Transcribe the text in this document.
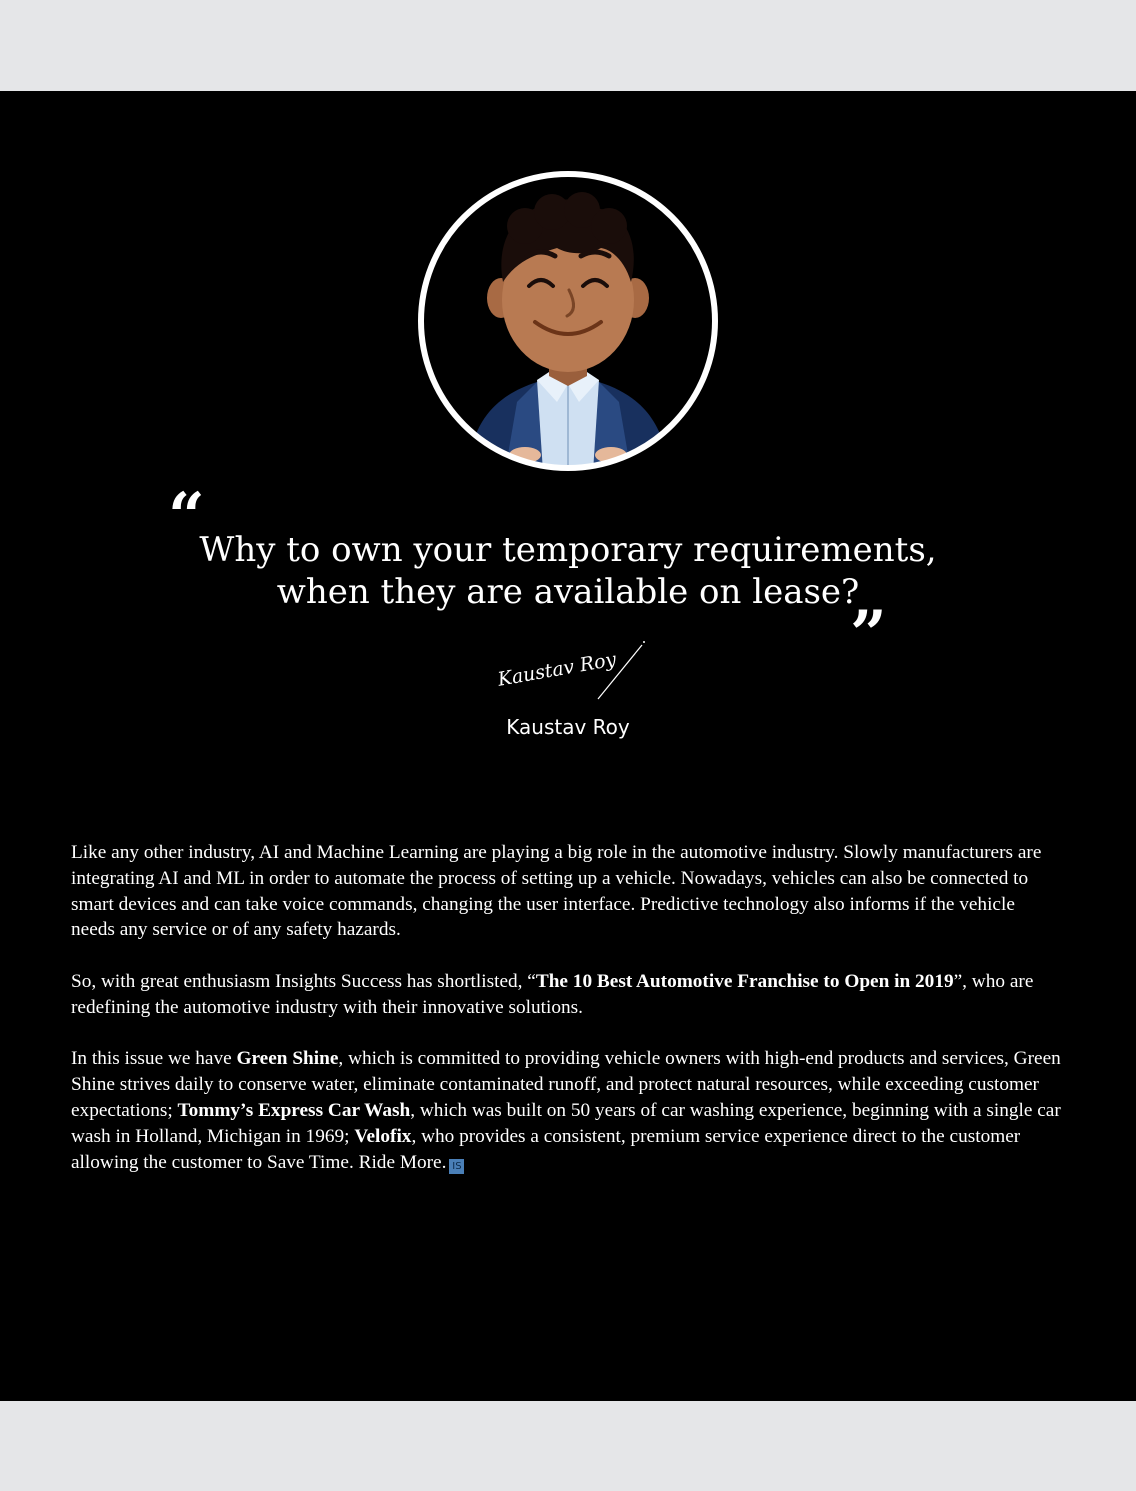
“
Why to own your temporary requirements,
when they are available on lease?
”
Kaustav Roy
Kaustav Roy

Like any other industry, AI and Machine Learning are playing a big role in the automotive industry. Slowly manufacturers are integrating AI and ML in order to automate the process of setting up a vehicle. Nowadays, vehicles can also be connected to smart devices and can take voice commands, changing the user interface. Predictive technology also informs if the vehicle needs any service or of any safety hazards.

So, with great enthusiasm Insights Success has shortlisted, “The 10 Best Automotive Franchise to Open in 2019”, who are redefining the automotive industry with their innovative solutions.

In this issue we have Green Shine, which is committed to providing vehicle owners with high-end products and services, Green Shine strives daily to conserve water, eliminate contaminated runoff, and protect natural resources, while exceeding customer expectations; Tommy’s Express Car Wash, which was built on 50 years of car washing experience, beginning with a single car wash in Holland, Michigan in 1969; Velofix, who provides a consistent, premium service experience direct to the customer allowing the customer to Save Time. Ride More. IS
